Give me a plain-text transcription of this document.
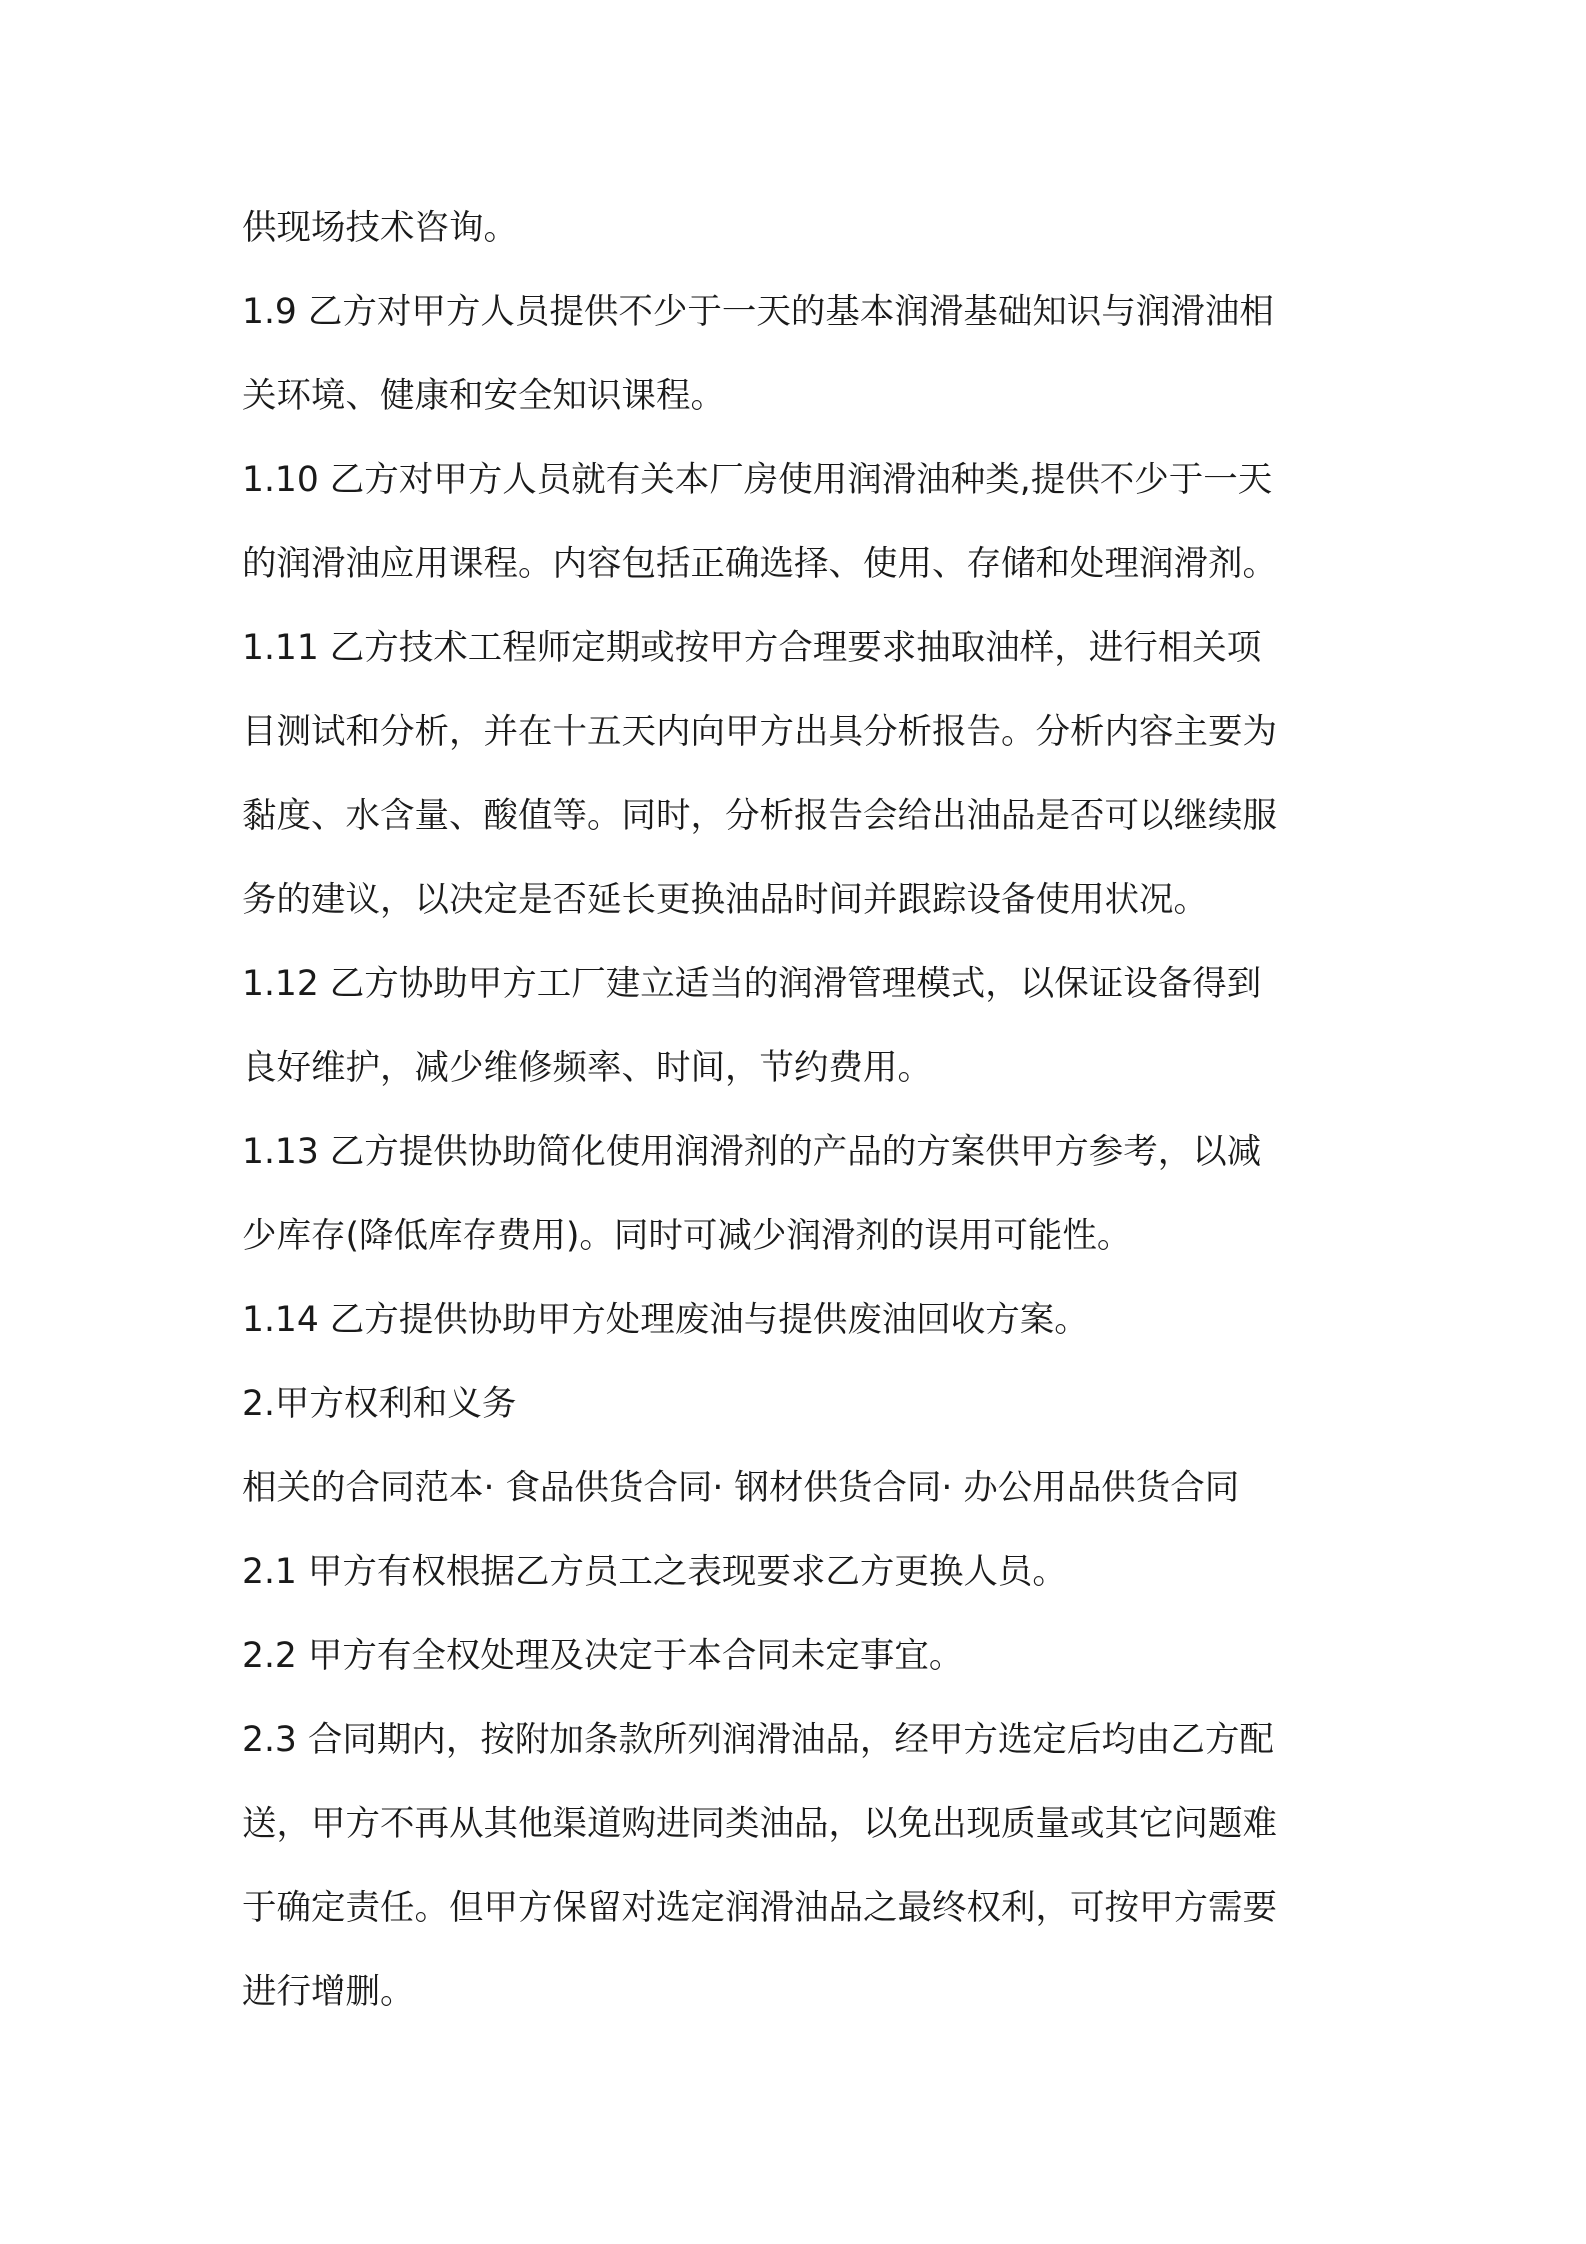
供现场技术咨询。
1.9 乙方对甲方人员提供不少于一天的基本润滑基础知识与润滑油相
关环境、健康和安全知识课程。
1.10 乙方对甲方人员就有关本厂房使用润滑油种类,提供不少于一天
的润滑油应用课程。内容包括正确选择、使用、存储和处理润滑剂。
1.11 乙方技术工程师定期或按甲方合理要求抽取油样，进行相关项
目测试和分析，并在十五天内向甲方出具分析报告。分析内容主要为
黏度、水含量、酸值等。同时，分析报告会给出油品是否可以继续服
务的建议，以决定是否延长更换油品时间并跟踪设备使用状况。
1.12 乙方协助甲方工厂建立适当的润滑管理模式，以保证设备得到
良好维护，减少维修频率、时间，节约费用。
1.13 乙方提供协助简化使用润滑剂的产品的方案供甲方参考，以减
少库存(降低库存费用)。同时可减少润滑剂的误用可能性。
1.14 乙方提供协助甲方处理废油与提供废油回收方案。
2.甲方权利和义务
相关的合同范本· 食品供货合同· 钢材供货合同· 办公用品供货合同
2.1 甲方有权根据乙方员工之表现要求乙方更换人员。
2.2 甲方有全权处理及决定于本合同未定事宜。
2.3 合同期内，按附加条款所列润滑油品，经甲方选定后均由乙方配
送，甲方不再从其他渠道购进同类油品，以免出现质量或其它问题难
于确定责任。但甲方保留对选定润滑油品之最终权利，可按甲方需要
进行增删。
